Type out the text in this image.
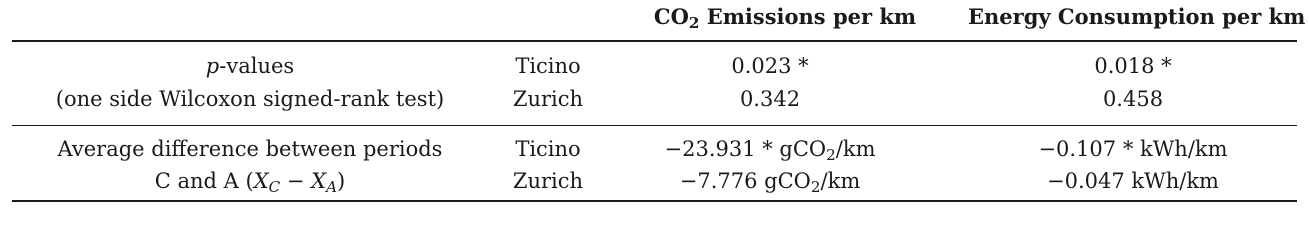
$CO_2$ Emissions per km	Energy Consumption per km
p-values
(one side Wilcoxon signed-rank test)
Ticino
Zurich
0.023 *
0.342
0.018 *
0.458
Average difference between periods
C and A $(X_C - X_A)$
Ticino
Zurich
−23.931 * gCO$_2$/km
−7.776 gCO$_2$/km
−0.107 * kWh/km
−0.047 kWh/km
